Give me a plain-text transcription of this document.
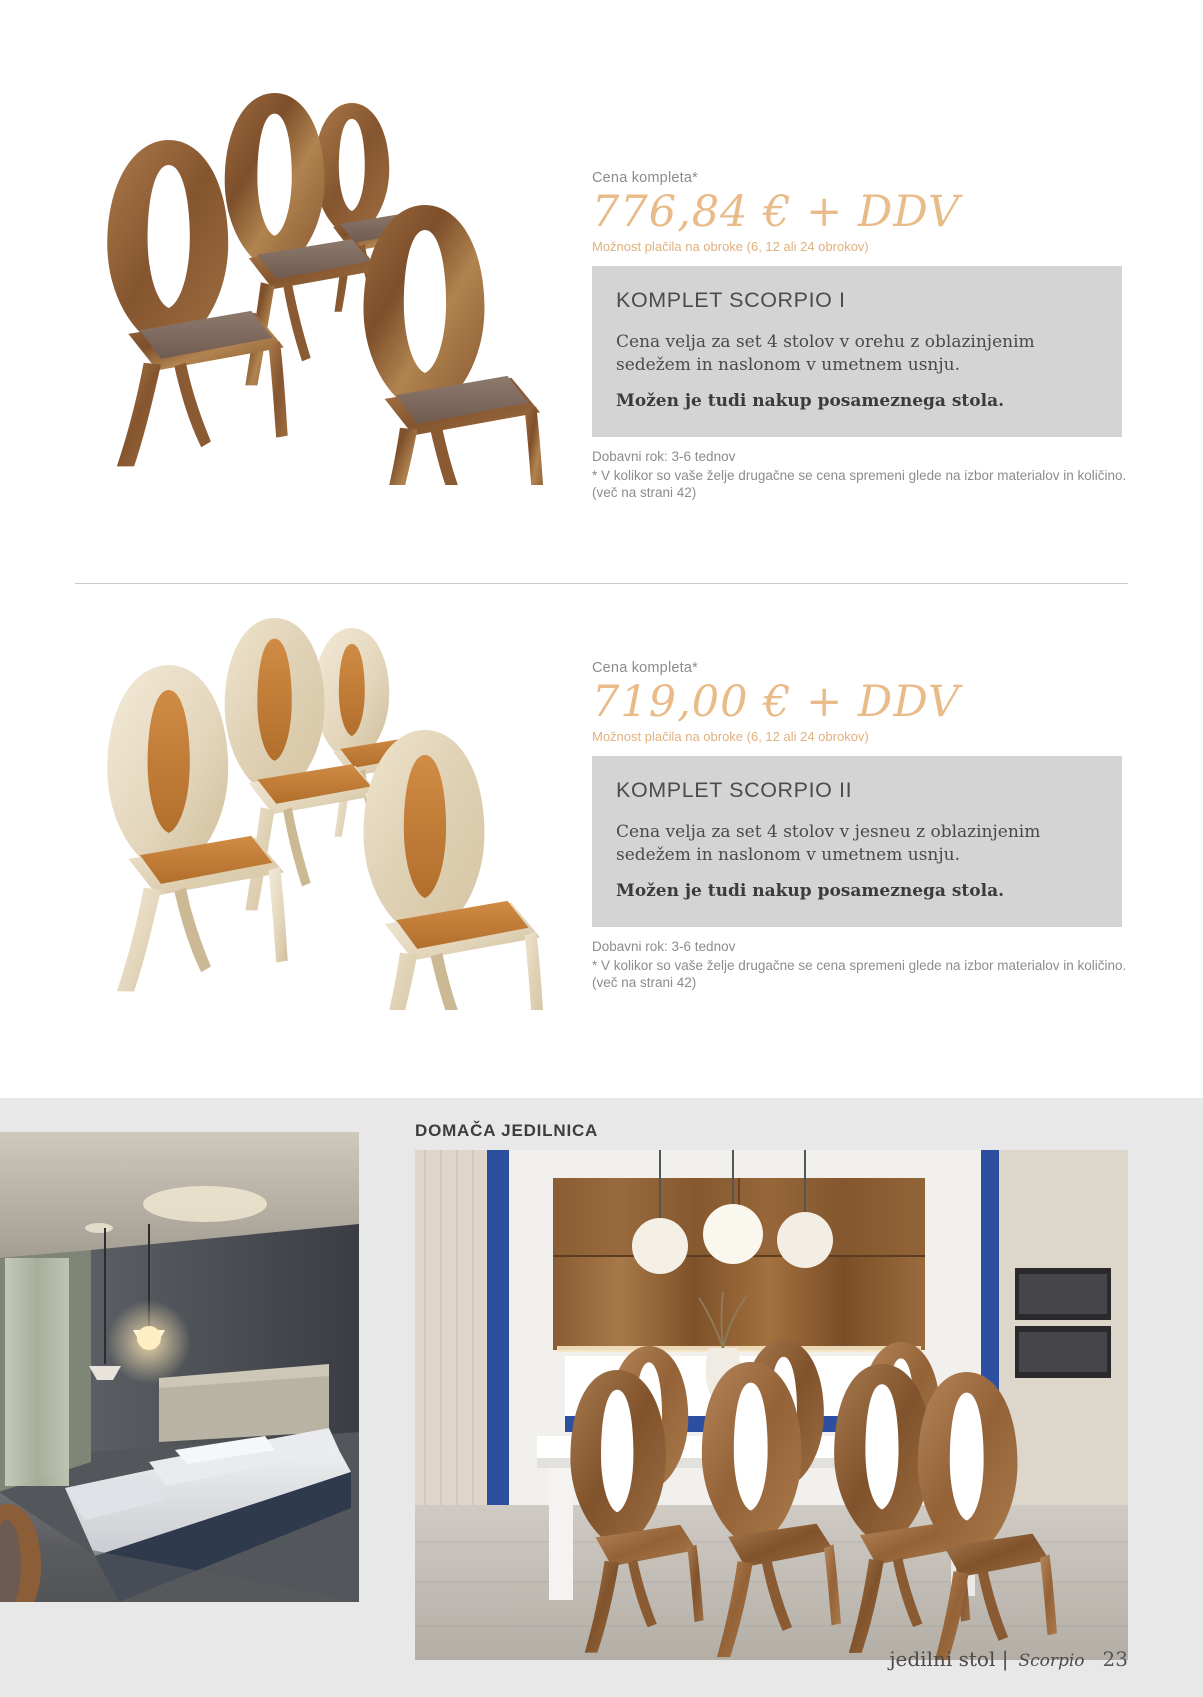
Cena kompleta*

776,84 € + DDV

Možnost plačila na obroke (6, 12 ali 24 obrokov)

KOMPLET SCORPIO I

Cena velja za set 4 stolov v orehu z oblazinjenim sedežem in naslonom v umetnem usnju.

Možen je tudi nakup posameznega stola.

Dobavni rok: 3-6 tednov

* V kolikor so vaše želje drugačne se cena spremeni glede na izbor materialov in količino. (več na strani 42)

Cena kompleta*

719,00 € + DDV

Možnost plačila na obroke (6, 12 ali 24 obrokov)

KOMPLET SCORPIO II

Cena velja za set 4 stolov v jesneu z oblazinjenim sedežem in naslonom v umetnem usnju.

Možen je tudi nakup posameznega stola.

Dobavni rok: 3-6 tednov

* V kolikor so vaše želje drugačne se cena spremeni glede na izbor materialov in količino. (več na strani 42)

DOMAČA JEDILNICA
jedilni stol | Scorpio 23
